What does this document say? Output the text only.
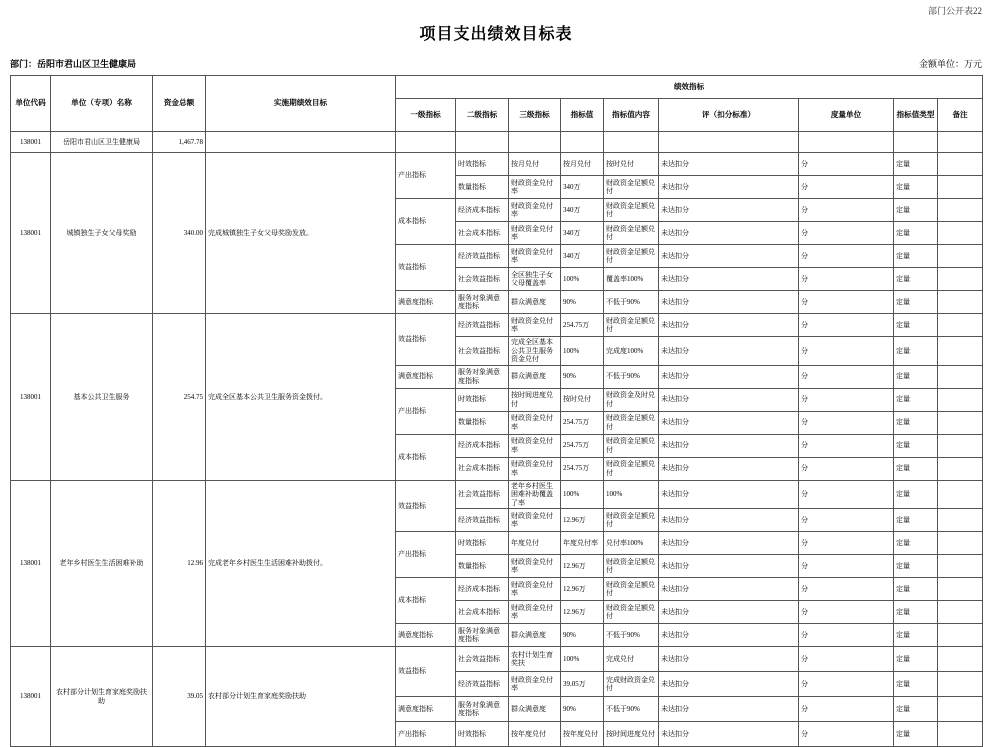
部门公开表22
项目支出绩效目标表
部门：岳阳市君山区卫生健康局	金额单位：万元
单位代码	单位（专项）名称	资金总额	实施期绩效目标	绩效指标								
				一级指标	二级指标	三级指标	指标值	指标值内容	评（扣分标准）	度量单位	指标值类型	备注
138001	岳阳市君山区卫生健康局	1,467.78										
138001	城镇独生子女父母奖励	340.00	完成城镇独生子女父母奖励发放。	产出指标	时效指标	按月兑付	按月兑付	按时兑付	未达扣分	分	定量	
					数量指标	财政资金兑付率	340万	财政资金足额兑付	未达扣分	分	定量	
				成本指标	经济成本指标	财政资金兑付率	340万	财政资金足额兑付	未达扣分	分	定量	
					社会成本指标	财政资金兑付率	340万	财政资金足额兑付	未达扣分	分	定量	
				效益指标	经济效益指标	财政资金兑付率	340万	财政资金足额兑付	未达扣分	分	定量	
					社会效益指标	全区独生子女父母覆盖率	100%	覆盖率100%	未达扣分	分	定量	
				满意度指标	服务对象满意度指标	群众满意度	90%	不低于90%	未达扣分	分	定量	
138001	基本公共卫生服务	254.75	完成全区基本公共卫生服务资金拨付。	效益指标	经济效益指标	财政资金兑付率	254.75万	财政资金足额兑付	未达扣分	分	定量	
					社会效益指标	完成全区基本公共卫生服务资金兑付	100%	完成度100%	未达扣分	分	定量	
				满意度指标	服务对象满意度指标	群众满意度	90%	不低于90%	未达扣分	分	定量	
				产出指标	时效指标	按时间进度兑付	按时兑付	财政资金及时兑付	未达扣分	分	定量	
					数量指标	财政资金兑付率	254.75万	财政资金足额兑付	未达扣分	分	定量	
				成本指标	经济成本指标	财政资金兑付率	254.75万	财政资金足额兑付	未达扣分	分	定量	
					社会成本指标	财政资金兑付率	254.75万	财政资金足额兑付	未达扣分	分	定量	
138001	老年乡村医生生活困难补助	12.96	完成老年乡村医生生活困难补助拨付。	效益指标	社会效益指标	老年乡村医生困难补助覆盖了率	100%	100%	未达扣分	分	定量	
					经济效益指标	财政资金兑付率	12.96万	财政资金足额兑付	未达扣分	分	定量	
				产出指标	时效指标	年度兑付	年度兑付率	兑付率100%	未达扣分	分	定量	
					数量指标	财政资金兑付率	12.96万	财政资金足额兑付	未达扣分	分	定量	
				成本指标	经济成本指标	财政资金兑付率	12.96万	财政资金足额兑付	未达扣分	分	定量	
					社会成本指标	财政资金兑付率	12.96万	财政资金足额兑付	未达扣分	分	定量	
				满意度指标	服务对象满意度指标	群众满意度	90%	不低于90%	未达扣分	分	定量	
138001	农村部分计划生育家庭奖励扶助	39.05	农村部分计划生育家庭奖励扶助	效益指标	社会效益指标	农村计划生育奖扶	100%	完成兑付	未达扣分	分	定量	
					经济效益指标	财政资金兑付率	39.05万	完成财政资金兑付	未达扣分	分	定量	
				满意度指标	服务对象满意度指标	群众满意度	90%	不低于90%	未达扣分	分	定量	
				产出指标	时效指标	按年度兑付	按年度兑付	按时间进度兑付	未达扣分	分	定量	
